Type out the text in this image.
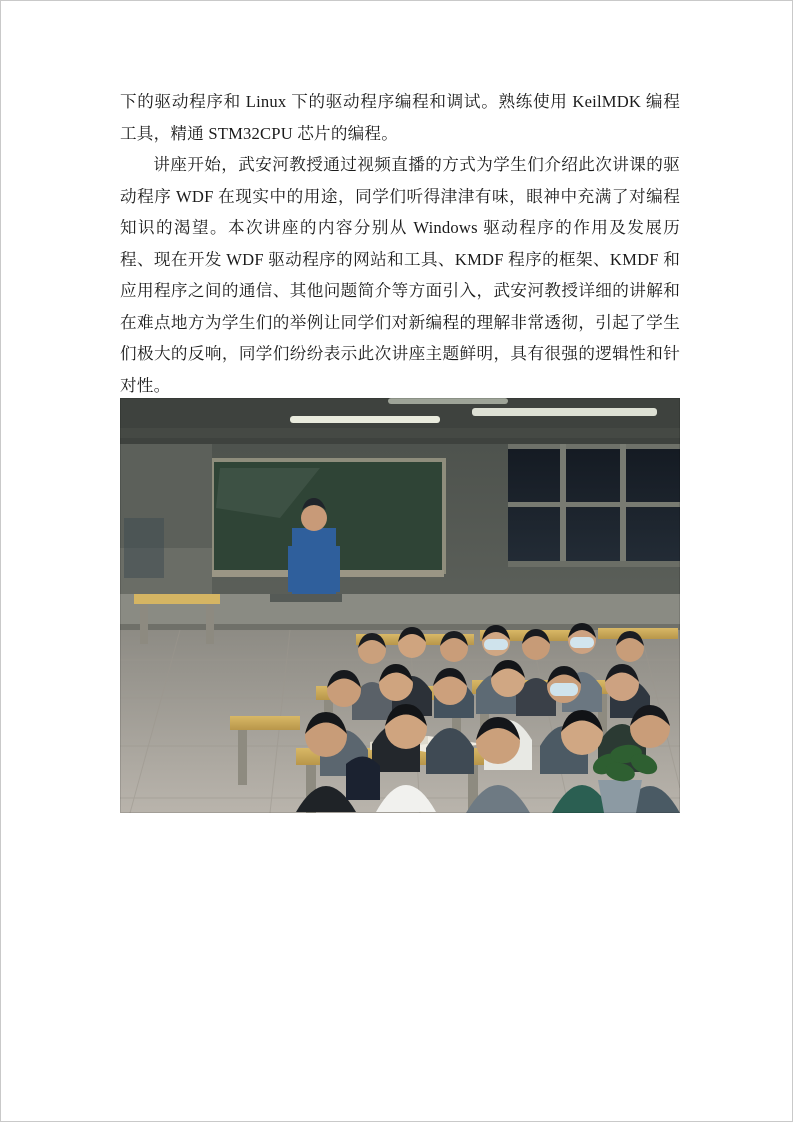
下的驱动程序和 Linux 下的驱动程序编程和调试。熟练使用 KeilMDK 编程工具，精通 STM32CPU 芯片的编程。

讲座开始，武安河教授通过视频直播的方式为学生们介绍此次讲课的驱动程序 WDF 在现实中的用途，同学们听得津津有味，眼神中充满了对编程知识的渴望。本次讲座的内容分别从 Windows 驱动程序的作用及发展历程、现在开发 WDF 驱动程序的网站和工具、KMDF 程序的框架、KMDF 和应用程序之间的通信、其他问题简介等方面引入，武安河教授详细的讲解和在难点地方为学生们的举例让同学们对新编程的理解非常透彻，引起了学生们极大的反响，同学们纷纷表示此次讲座主题鲜明，具有很强的逻辑性和针对性。
